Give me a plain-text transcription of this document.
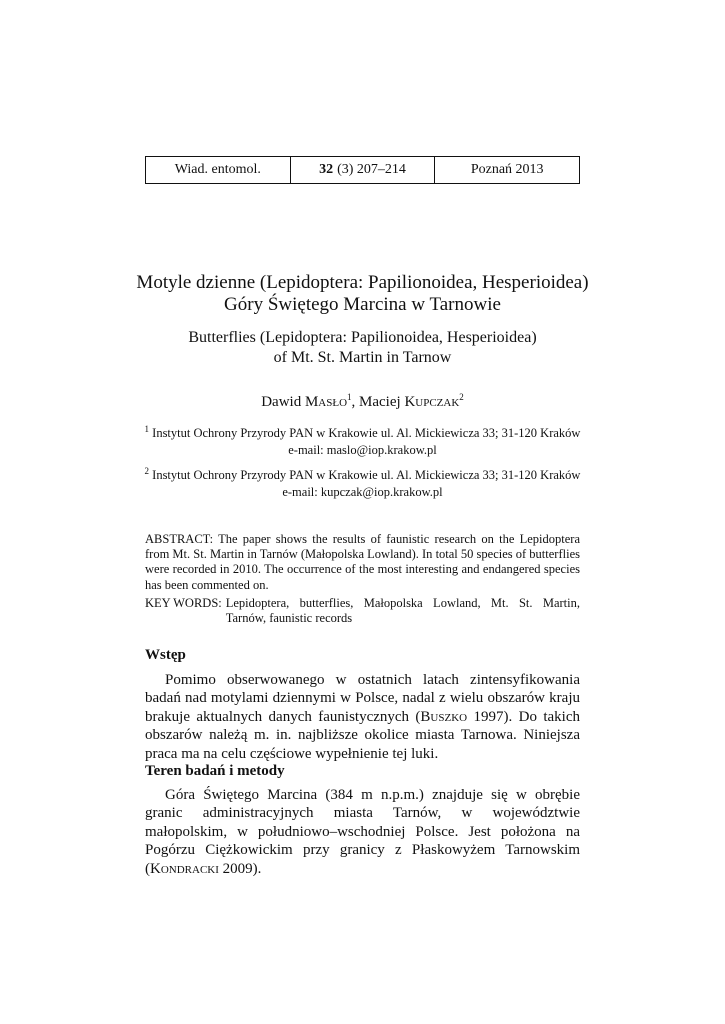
Wiad. entomol.	32 (3) 207–214	Poznań 2013
Motyle dzienne (Lepidoptera: Papilionoidea, Hesperioidea)
Góry Świętego Marcina w Tarnowie
Butterflies (Lepidoptera: Papilionoidea, Hesperioidea)
of Mt. St. Martin in Tarnow
Dawid Masło$^1$, Maciej Kupczak$^2$
$^1$ Instytut Ochrony Przyrody PAN w Krakowie ul. Al. Mickiewicza 33; 31-120 Kraków
e-mail: maslo@iop.krakow.pl
$^2$ Instytut Ochrony Przyrody PAN w Krakowie ul. Al. Mickiewicza 33; 31-120 Kraków
e-mail: kupczak@iop.krakow.pl

ABSTRACT: The paper shows the results of faunistic research on the Lepidoptera from Mt. St. Martin in Tarnów (Małopolska Lowland). In total 50 species of butterflies were recorded in 2010. The occurrence of the most interesting and endangered species has been commented on.

KEY WORDS: Lepidoptera, butterflies, Małopolska Lowland, Mt. St. Martin, Tarnów, faunistic records
Wstęp

Pomimo obserwowanego w ostatnich latach zintensyfikowania badań nad motylami dziennymi w Polsce, nadal z wielu obszarów kraju brakuje aktualnych danych faunistycznych (Buszko 1997). Do takich obszarów należą m. in. najbliższe okolice miasta Tarnowa. Niniejsza praca ma na celu częściowe wypełnienie tej luki.

Teren badań i metody

Góra Świętego Marcina (384 m n.p.m.) znajduje się w obrębie granic administracyjnych miasta Tarnów, w województwie małopolskim, w południowo–wschodniej Polsce. Jest położona na Pogórzu Ciężkowickim przy granicy z Płaskowyżem Tarnowskim (Kondracki 2009).
